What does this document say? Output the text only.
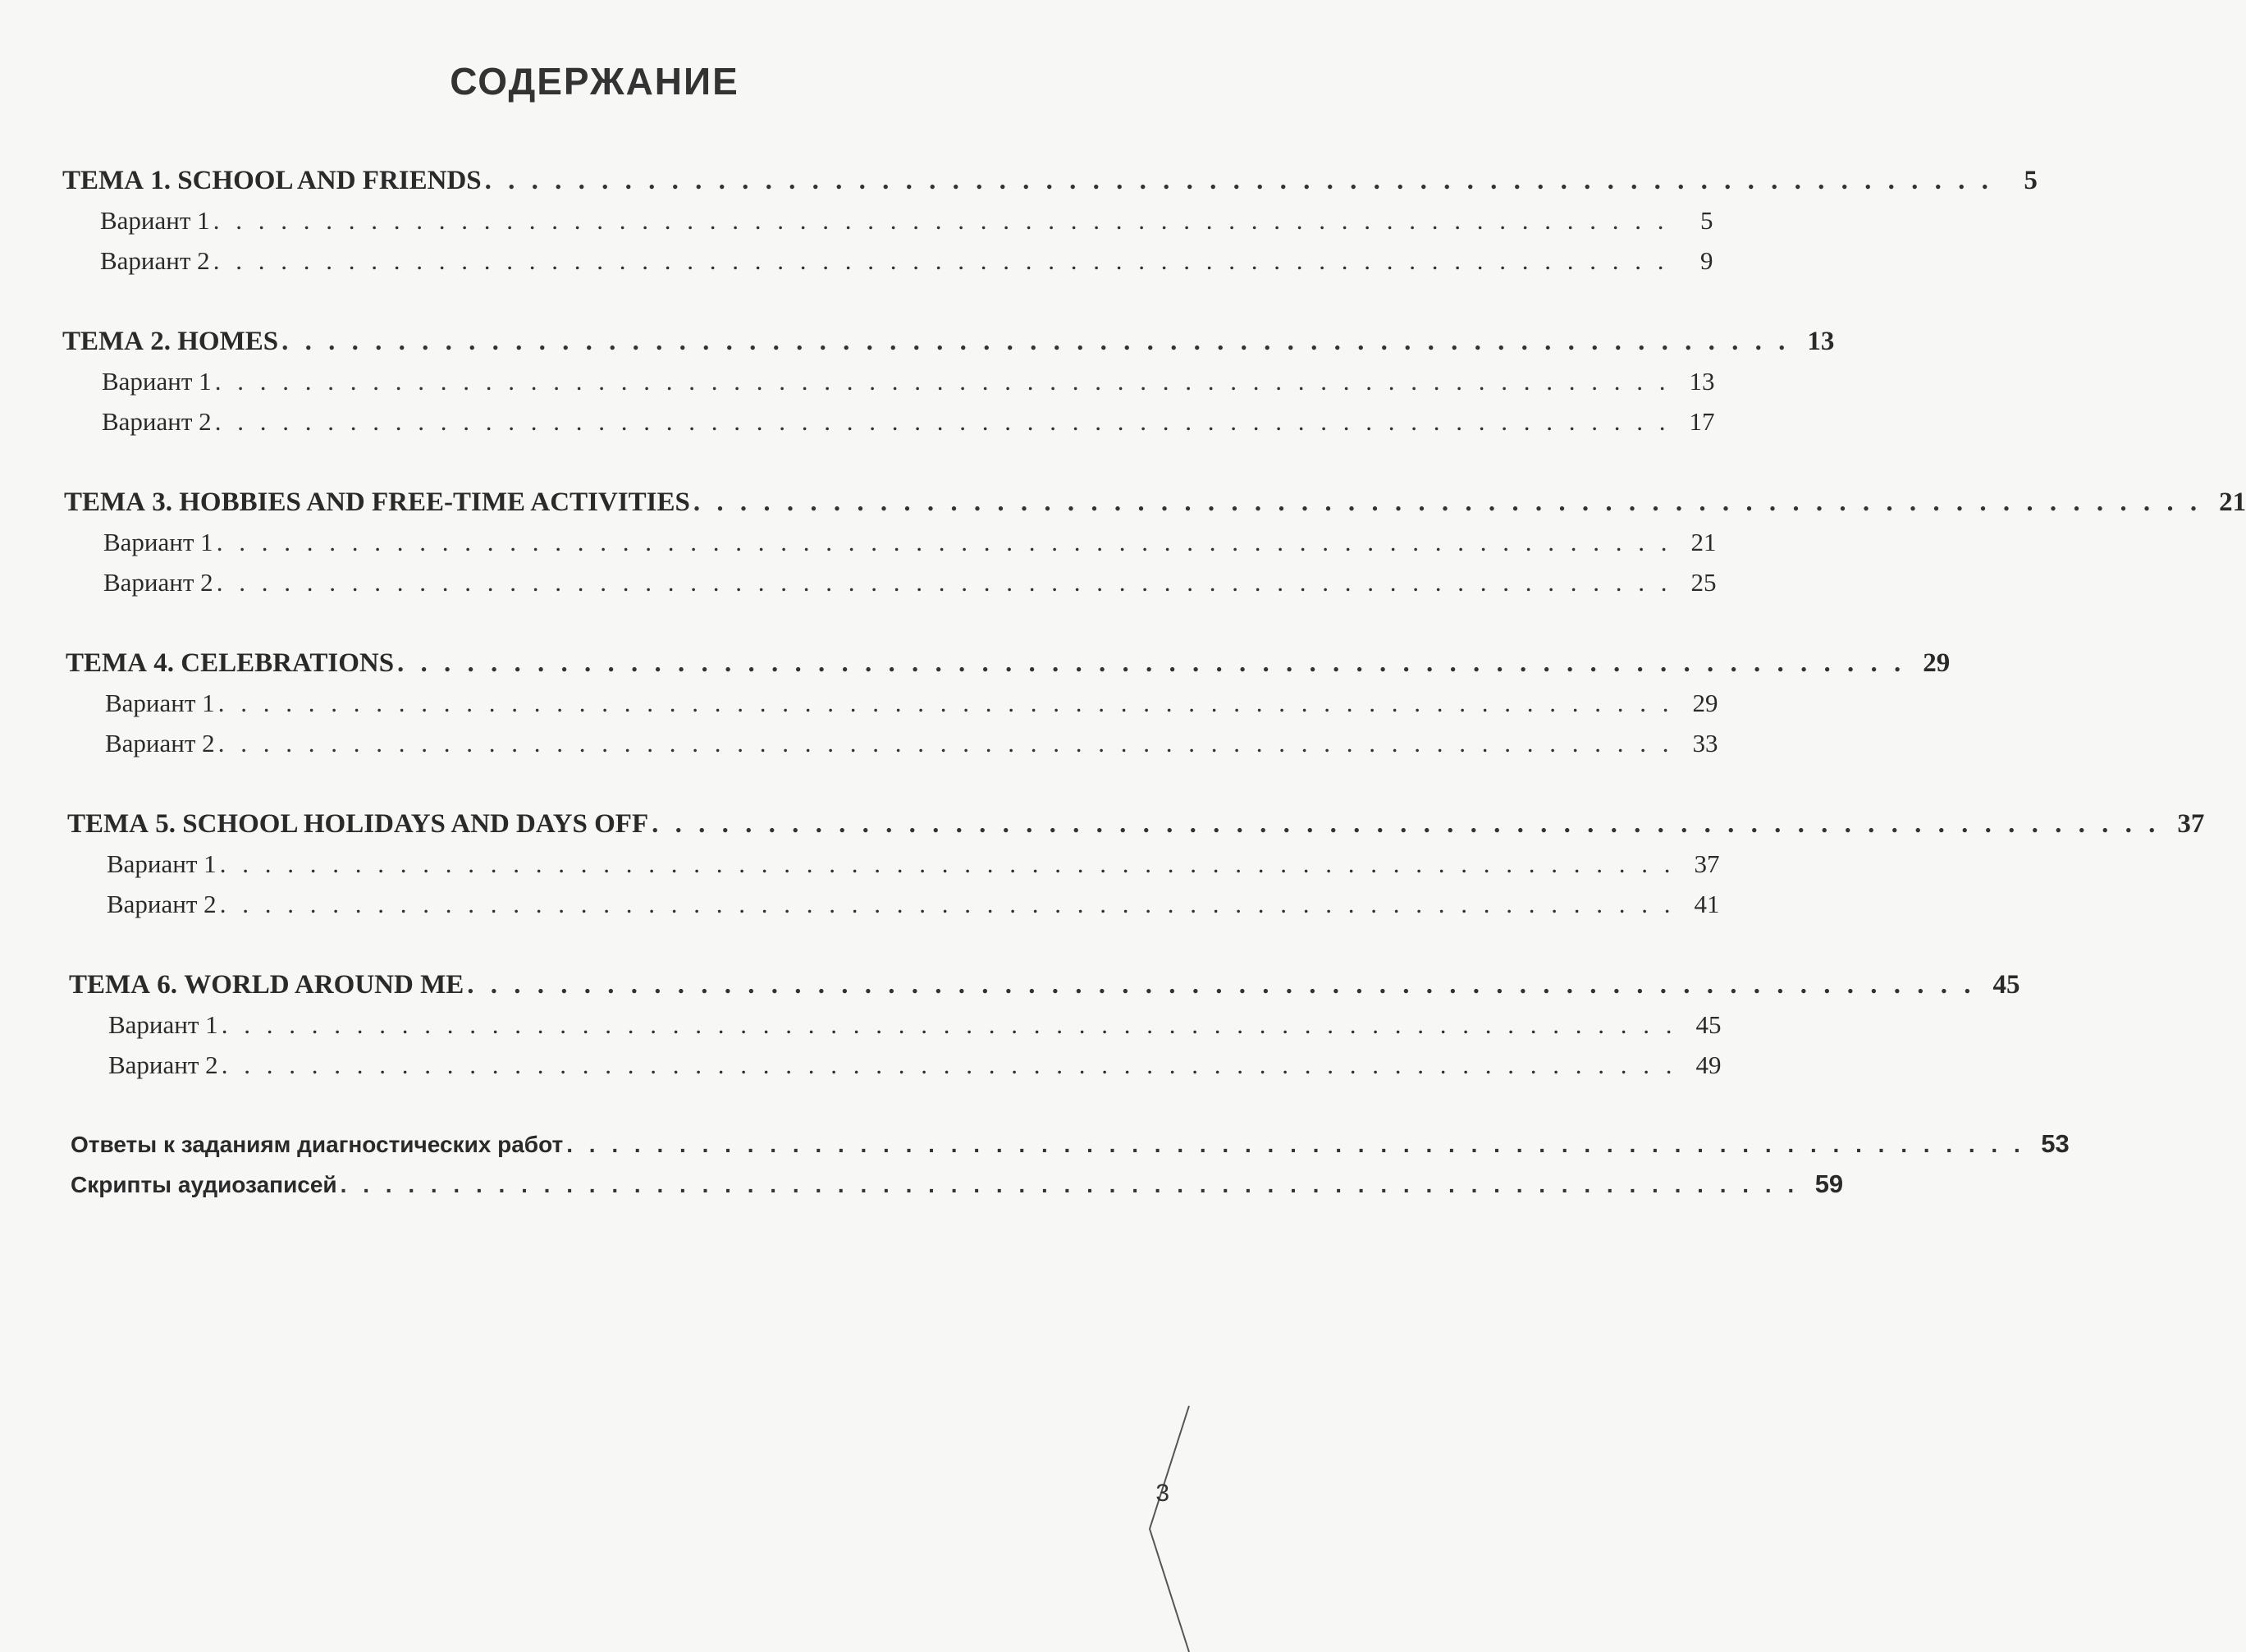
СОДЕРЖАНИЕ
ТЕМА 1. SCHOOL AND FRIENDS . . . . . . . . . . . . . . . . . . . . . . . . . . . . . . . . . . . . . . . . . . . . . . . . . . . . . . . . . . . . . . . . .	5
Вариант 1 . . . . . . . . . . . . . . . . . . . . . . . . . . . . . . . . . . . . . . . . . . . . . . . . . . . . . . . . . . . . . . . . .	5
Вариант 2 . . . . . . . . . . . . . . . . . . . . . . . . . . . . . . . . . . . . . . . . . . . . . . . . . . . . . . . . . . . . . . . . .	9
ТЕМА 2. HOMES . . . . . . . . . . . . . . . . . . . . . . . . . . . . . . . . . . . . . . . . . . . . . . . . . . . . . . . . . . . . . . . . . 13
Вариант 1 . . . . . . . . . . . . . . . . . . . . . . . . . . . . . . . . . . . . . . . . . . . . . . . . . . . . . . . . . . . . . . . . . 13
Вариант 2 . . . . . . . . . . . . . . . . . . . . . . . . . . . . . . . . . . . . . . . . . . . . . . . . . . . . . . . . . . . . . . . . . 17
ТЕМА 3. HOBBIES AND FREE-TIME ACTIVITIES . . . . . . . . . . . . . . . . . . . . . . . . . . . . . . . . . . . . . . . . . . . . . . . . . . . . . . . . . . . . . . . . . 21
Вариант 1 . . . . . . . . . . . . . . . . . . . . . . . . . . . . . . . . . . . . . . . . . . . . . . . . . . . . . . . . . . . . . . . . . 21
Вариант 2 . . . . . . . . . . . . . . . . . . . . . . . . . . . . . . . . . . . . . . . . . . . . . . . . . . . . . . . . . . . . . . . . . 25
ТЕМА 4. CELEBRATIONS . . . . . . . . . . . . . . . . . . . . . . . . . . . . . . . . . . . . . . . . . . . . . . . . . . . . . . . . . . . . . . . . . 29
Вариант 1 . . . . . . . . . . . . . . . . . . . . . . . . . . . . . . . . . . . . . . . . . . . . . . . . . . . . . . . . . . . . . . . . . 29
Вариант 2 . . . . . . . . . . . . . . . . . . . . . . . . . . . . . . . . . . . . . . . . . . . . . . . . . . . . . . . . . . . . . . . . . 33
ТЕМА 5. SCHOOL HOLIDAYS AND DAYS OFF . . . . . . . . . . . . . . . . . . . . . . . . . . . . . . . . . . . . . . . . . . . . . . . . . . . . . . . . . . . . . . . . . 37
Вариант 1 . . . . . . . . . . . . . . . . . . . . . . . . . . . . . . . . . . . . . . . . . . . . . . . . . . . . . . . . . . . . . . . . . 37
Вариант 2 . . . . . . . . . . . . . . . . . . . . . . . . . . . . . . . . . . . . . . . . . . . . . . . . . . . . . . . . . . . . . . . . . 41
ТЕМА 6. WORLD AROUND ME . . . . . . . . . . . . . . . . . . . . . . . . . . . . . . . . . . . . . . . . . . . . . . . . . . . . . . . . . . . . . . . . . 45
Вариант 1 . . . . . . . . . . . . . . . . . . . . . . . . . . . . . . . . . . . . . . . . . . . . . . . . . . . . . . . . . . . . . . . . . 45
Вариант 2 . . . . . . . . . . . . . . . . . . . . . . . . . . . . . . . . . . . . . . . . . . . . . . . . . . . . . . . . . . . . . . . . . 49
Ответы к заданиям диагностических работ . . . . . . . . . . . . . . . . . . . . . . . . . . . . . . . . . . . . . . . . . . . . . . . . . . . . . . . . . . . . . . . . . 53
Скрипты аудиозаписей . . . . . . . . . . . . . . . . . . . . . . . . . . . . . . . . . . . . . . . . . . . . . . . . . . . . . . . . . . . . . . . . . 59
3
